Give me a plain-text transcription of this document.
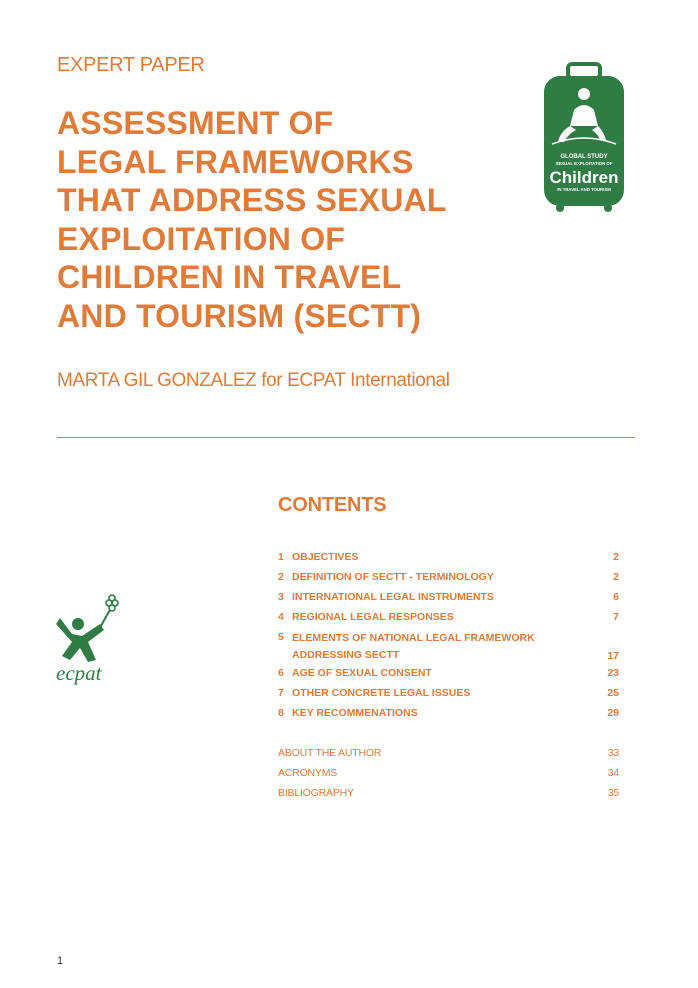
EXPERT PAPER
ASSESSMENT OF
LEGAL FRAMEWORKS
THAT ADDRESS SEXUAL
EXPLOITATION OF
CHILDREN IN TRAVEL
AND TOURISM (SECTT)
GLOBAL STUDY
SEXUAL EXPLOITATION OF
Children
IN TRAVEL AND TOURISM
MARTA GIL GONZALEZ for ECPAT International
CONTENTS
1 OBJECTIVES	2
2 DEFINITION OF SECTT - TERMINOLOGY	2
3 INTERNATIONAL LEGAL INSTRUMENTS	6
4 REGIONAL LEGAL RESPONSES	7
5 ELEMENTS OF NATIONAL LEGAL FRAMEWORK ADDRESSING SECTT	17
6 AGE OF SEXUAL CONSENT	23
7 OTHER CONCRETE LEGAL ISSUES	25
8 KEY RECOMMENATIONS	29
ABOUT THE AUTHOR	33
ACRONYMS	34
BIBLIOGRAPHY	35
ecpat
1
